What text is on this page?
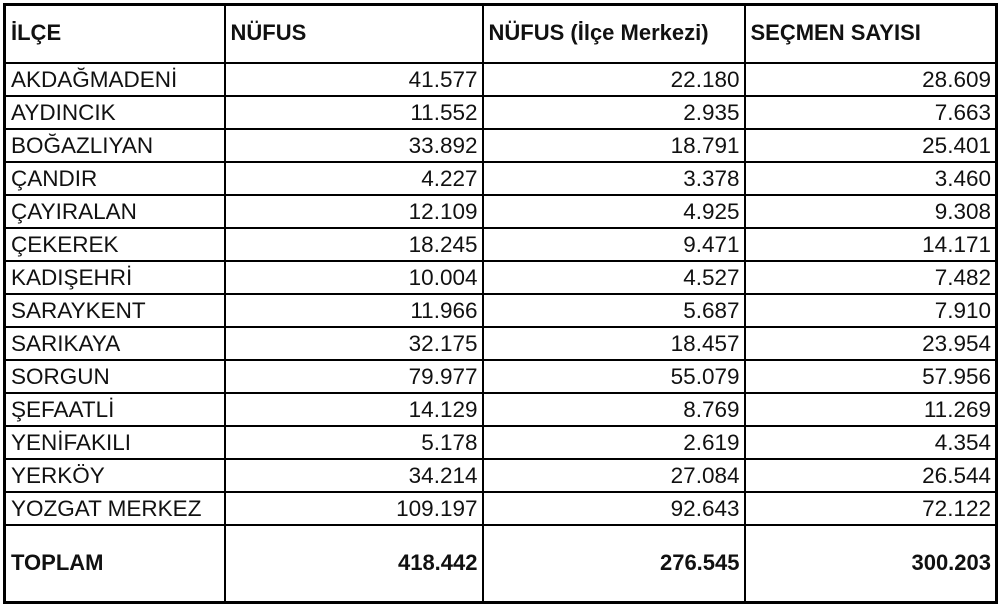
İLÇE	NÜFUS	NÜFUS (İlçe Merkezi)	SEÇMEN SAYISI
AKDAĞMADENİ	41.577	22.180	28.609
AYDINCIK	11.552	2.935	7.663
BOĞAZLIYAN	33.892	18.791	25.401
ÇANDIR	4.227	3.378	3.460
ÇAYIRALAN	12.109	4.925	9.308
ÇEKEREK	18.245	9.471	14.171
KADIŞEHRİ	10.004	4.527	7.482
SARAYKENT	11.966	5.687	7.910
SARIKAYA	32.175	18.457	23.954
SORGUN	79.977	55.079	57.956
ŞEFAATLİ	14.129	8.769	11.269
YENİFAKILI	5.178	2.619	4.354
YERKÖY	34.214	27.084	26.544
YOZGAT MERKEZ	109.197	92.643	72.122
TOPLAM	418.442	276.545	300.203
